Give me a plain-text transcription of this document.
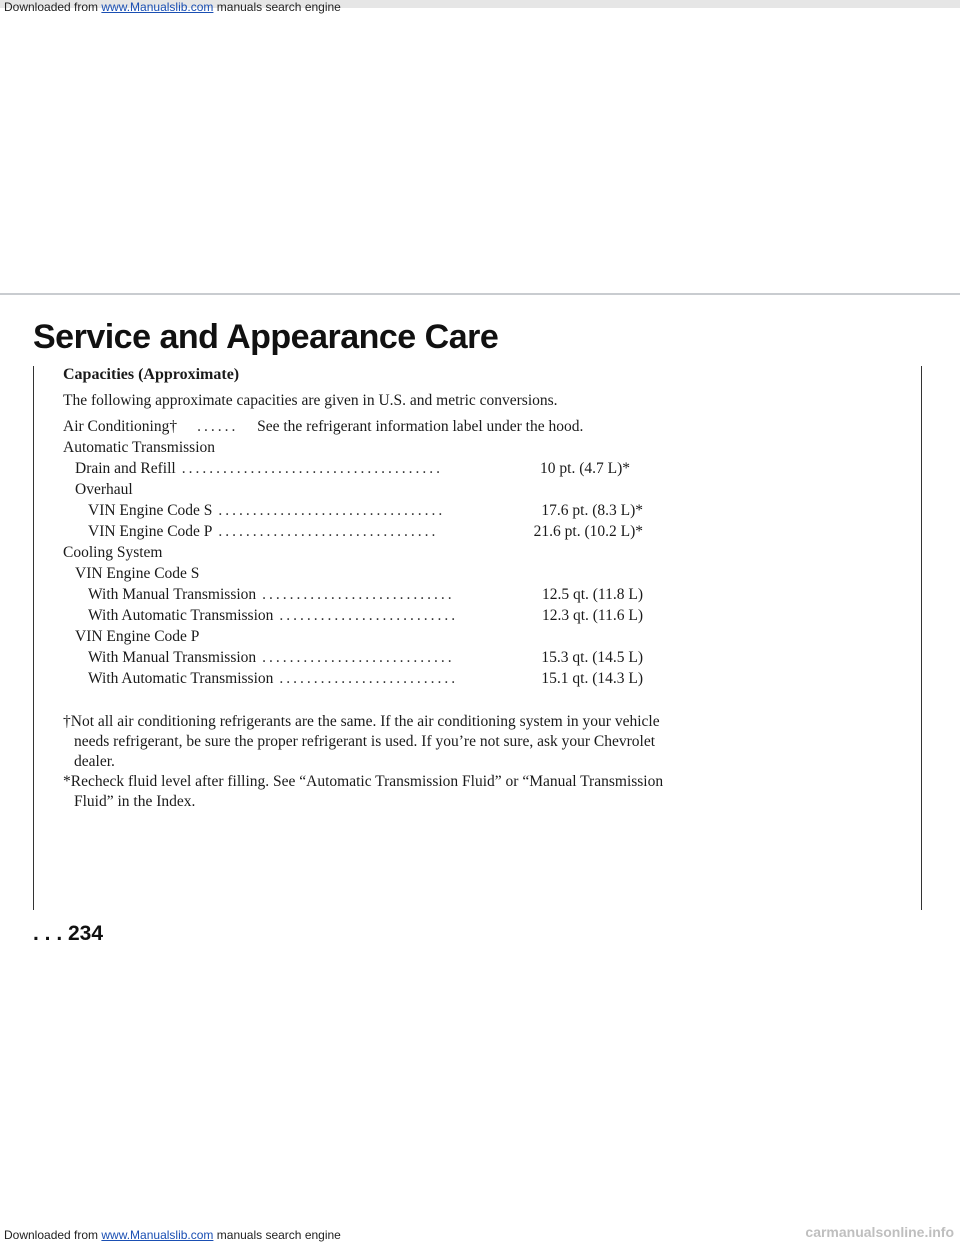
Downloaded from www.Manualslib.com manuals search engine
Service and Appearance Care

Capacities (Approximate)

The following approximate capacities are given in U.S. and metric conversions.

Air Conditioning† ......	See the refrigerant information label under the hood.
Automatic Transmission
Drain and Refill ......................................	10 pt. (4.7 L)*
Overhaul
VIN Engine Code S .................................	17.6 pt. (8.3 L)*
VIN Engine Code P ................................	21.6 pt. (10.2 L)*
Cooling System
VIN Engine Code S
With Manual Transmission ............................	12.5 qt. (11.8 L)
With Automatic Transmission ..........................	12.3 qt. (11.6 L)
VIN Engine Code P
With Manual Transmission ............................	15.3 qt. (14.5 L)
With Automatic Transmission ..........................	15.1 qt. (14.3 L)

†Not all air conditioning refrigerants are the same. If the air conditioning system in your vehicle needs refrigerant, be sure the proper refrigerant is used. If you’re not sure, ask your Chevrolet dealer.

*Recheck fluid level after filling. See “Automatic Transmission Fluid” or “Manual Transmission Fluid” in the Index.

. . . 234

Downloaded from www.Manualslib.com manuals search engine	carmanualsonline.info
